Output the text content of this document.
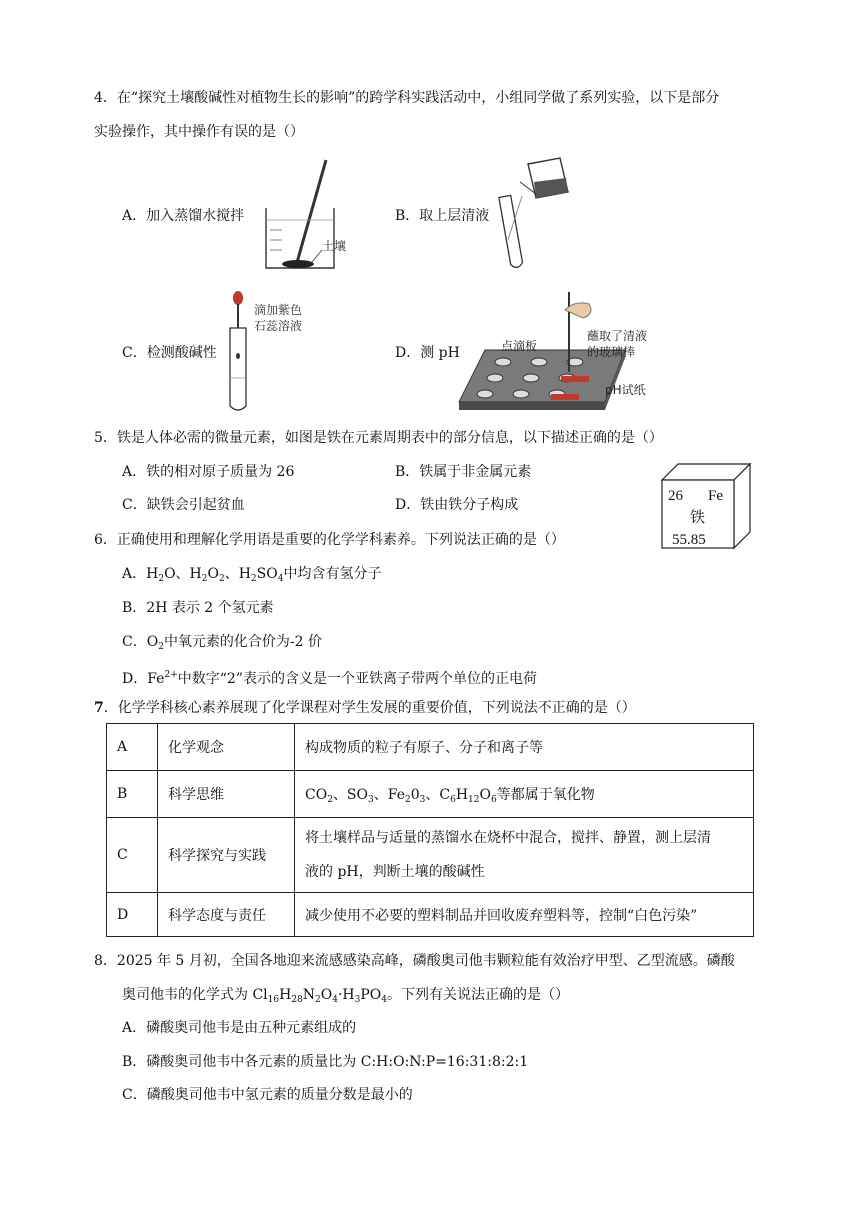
4．在“探究土壤酸碱性对植物生长的影响”的跨学科实践活动中，小组同学做了系列实验，以下是部分
实验操作，其中操作有误的是（）
A．加入蒸馏水搅拌	B．取上层清液
C．检测酸碱性	D．测 pH
土壤
滴加紫色
石蕊溶液
点滴板
蘸取了清液
的玻璃棒
pH试纸
5．铁是人体必需的微量元素，如图是铁在元素周期表中的部分信息，以下描述正确的是（）
A．铁的相对原子质量为 26	B．铁属于非金属元素
C．缺铁会引起贫血	D．铁由铁分子构成
26 Fe
铁
55.85
6．正确使用和理解化学用语是重要的化学学科素养。下列说法正确的是（）
A．$H_2O$、$H_2O_2$、$H_2SO_4$中均含有氢分子
B．2H 表示 2 个氢元素
C．$O_2$中氧元素的化合价为-2 价
D．$Fe^{2+}$中数字“2”表示的含义是一个亚铁离子带两个单位的正电荷
7．化学学科核心素养展现了化学课程对学生发展的重要价值，下列说法不正确的是（）
A	化学观念	构成物质的粒子有原子、分子和离子等
B	科学思维	$CO_2$、$SO_3$、$Fe_20_3$、$C_6H_{12}O_6$等都属于氧化物
C	科学探究与实践	将土壤样品与适量的蒸馏水在烧杯中混合，搅拌、静置，测上层清
液的 pH，判断土壤的酸碱性

D	科学态度与责任	减少使用不必要的塑料制品并回收废弃塑料等，控制“白色污染”
8．2025 年 5 月初，全国各地迎来流感感染高峰，磷酸奥司他韦颗粒能有效治疗甲型、乙型流感。磷酸
奥司他韦的化学式为 $Cl_{16}H_{28}N_2O_4\cdot H_3PO_4$。下列有关说法正确的是（）
A．磷酸奥司他韦是由五种元素组成的
B．磷酸奥司他韦中各元素的质量比为 C:H:O:N:P=16:31:8:2:1
C．磷酸奥司他韦中氢元素的质量分数是最小的
